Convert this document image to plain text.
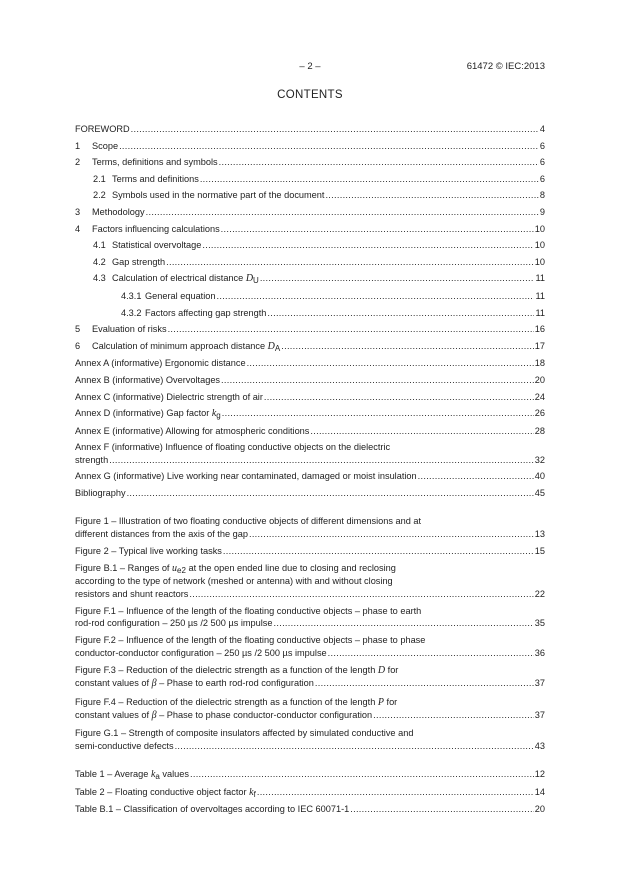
– 2 –	61472 © IEC:2013
CONTENTS
FOREWORD .....	4
1	Scope .....	6
2	Terms, definitions and symbols .....	6
2.1 Terms and definitions .....	6
2.2 Symbols used in the normative part of the document .....	8
3	Methodology .....	9
4	Factors influencing calculations .....	10
4.1 Statistical overvoltage .....	10
4.2 Gap strength .....	10
4.3 Calculation of electrical distance $D_U$ .....	11
4.3.1 General equation .....	11
4.3.2 Factors affecting gap strength .....	11
5	Evaluation of risks .....	16
6	Calculation of minimum approach distance $D_A$ .....	17
Annex A (informative) Ergonomic distance .....	18
Annex B (informative) Overvoltages .....	20
Annex C (informative) Dielectric strength of air .....	24
Annex D (informative) Gap factor $k_g$ .....	26
Annex E (informative) Allowing for atmospheric conditions .....	28
Annex F (informative) Influence of floating conductive objects on the dielectric
strength .....	32
Annex G (informative) Live working near contaminated, damaged or moist insulation .....	40
Bibliography .....	45
Figure 1 – Illustration of two floating conductive objects of different dimensions and at
different distances from the axis of the gap .....	13
Figure 2 – Typical live working tasks .....	15
Figure B.1 – Ranges of $u_{e2}$ at the open ended line due to closing and reclosing
according to the type of network (meshed or antenna) with and without closing
resistors and shunt reactors .....	22
Figure F.1 – Influence of the length of the floating conductive objects – phase to earth
rod-rod configuration – 250 µs /2 500 µs impulse .....	35
Figure F.2 – Influence of the length of the floating conductive objects – phase to phase
conductor-conductor configuration – 250 µs /2 500 µs impulse .....	36
Figure F.3 – Reduction of the dielectric strength as a function of the length D for
constant values of β – Phase to earth rod-rod configuration .....	37
Figure F.4 – Reduction of the dielectric strength as a function of the length P for
constant values of β – Phase to phase conductor-conductor configuration .....	37
Figure G.1 – Strength of composite insulators affected by simulated conductive and
semi-conductive defects .....	43
Table 1 – Average $k_a$ values .....	12
Table 2 – Floating conductive object factor $k_f$ .....	14
Table B.1 – Classification of overvoltages according to IEC 60071-1 .....	20
